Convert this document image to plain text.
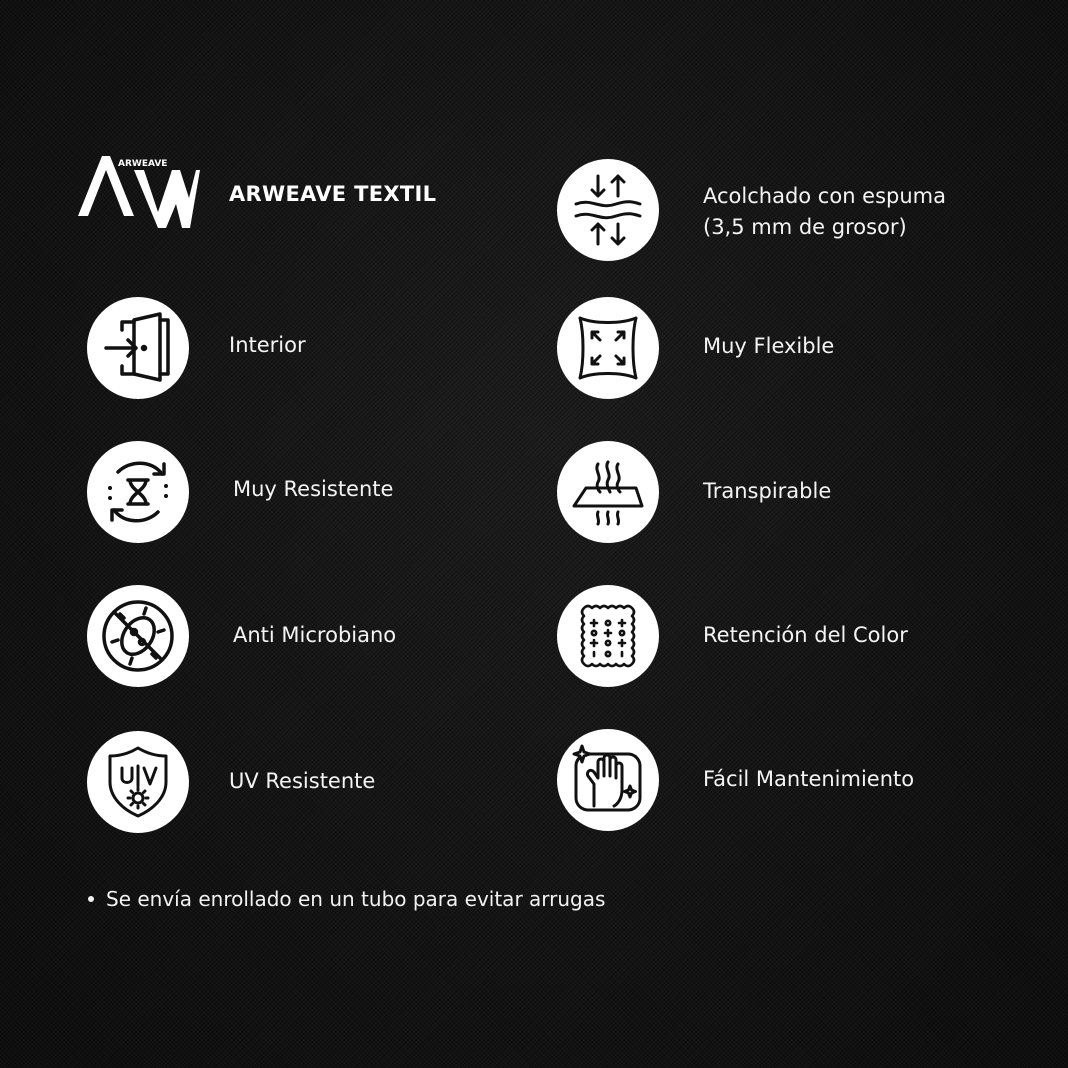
ARWEAVE
ARWEAVE TEXTIL
Interior
Muy Resistente
Anti Microbiano
UV Resistente
Acolchado con espuma
(3,5 mm de grosor)
Muy Flexible
Transpirable
Retención del Color
Fácil Mantenimiento
Se envía enrollado en un tubo para evitar arrugas
